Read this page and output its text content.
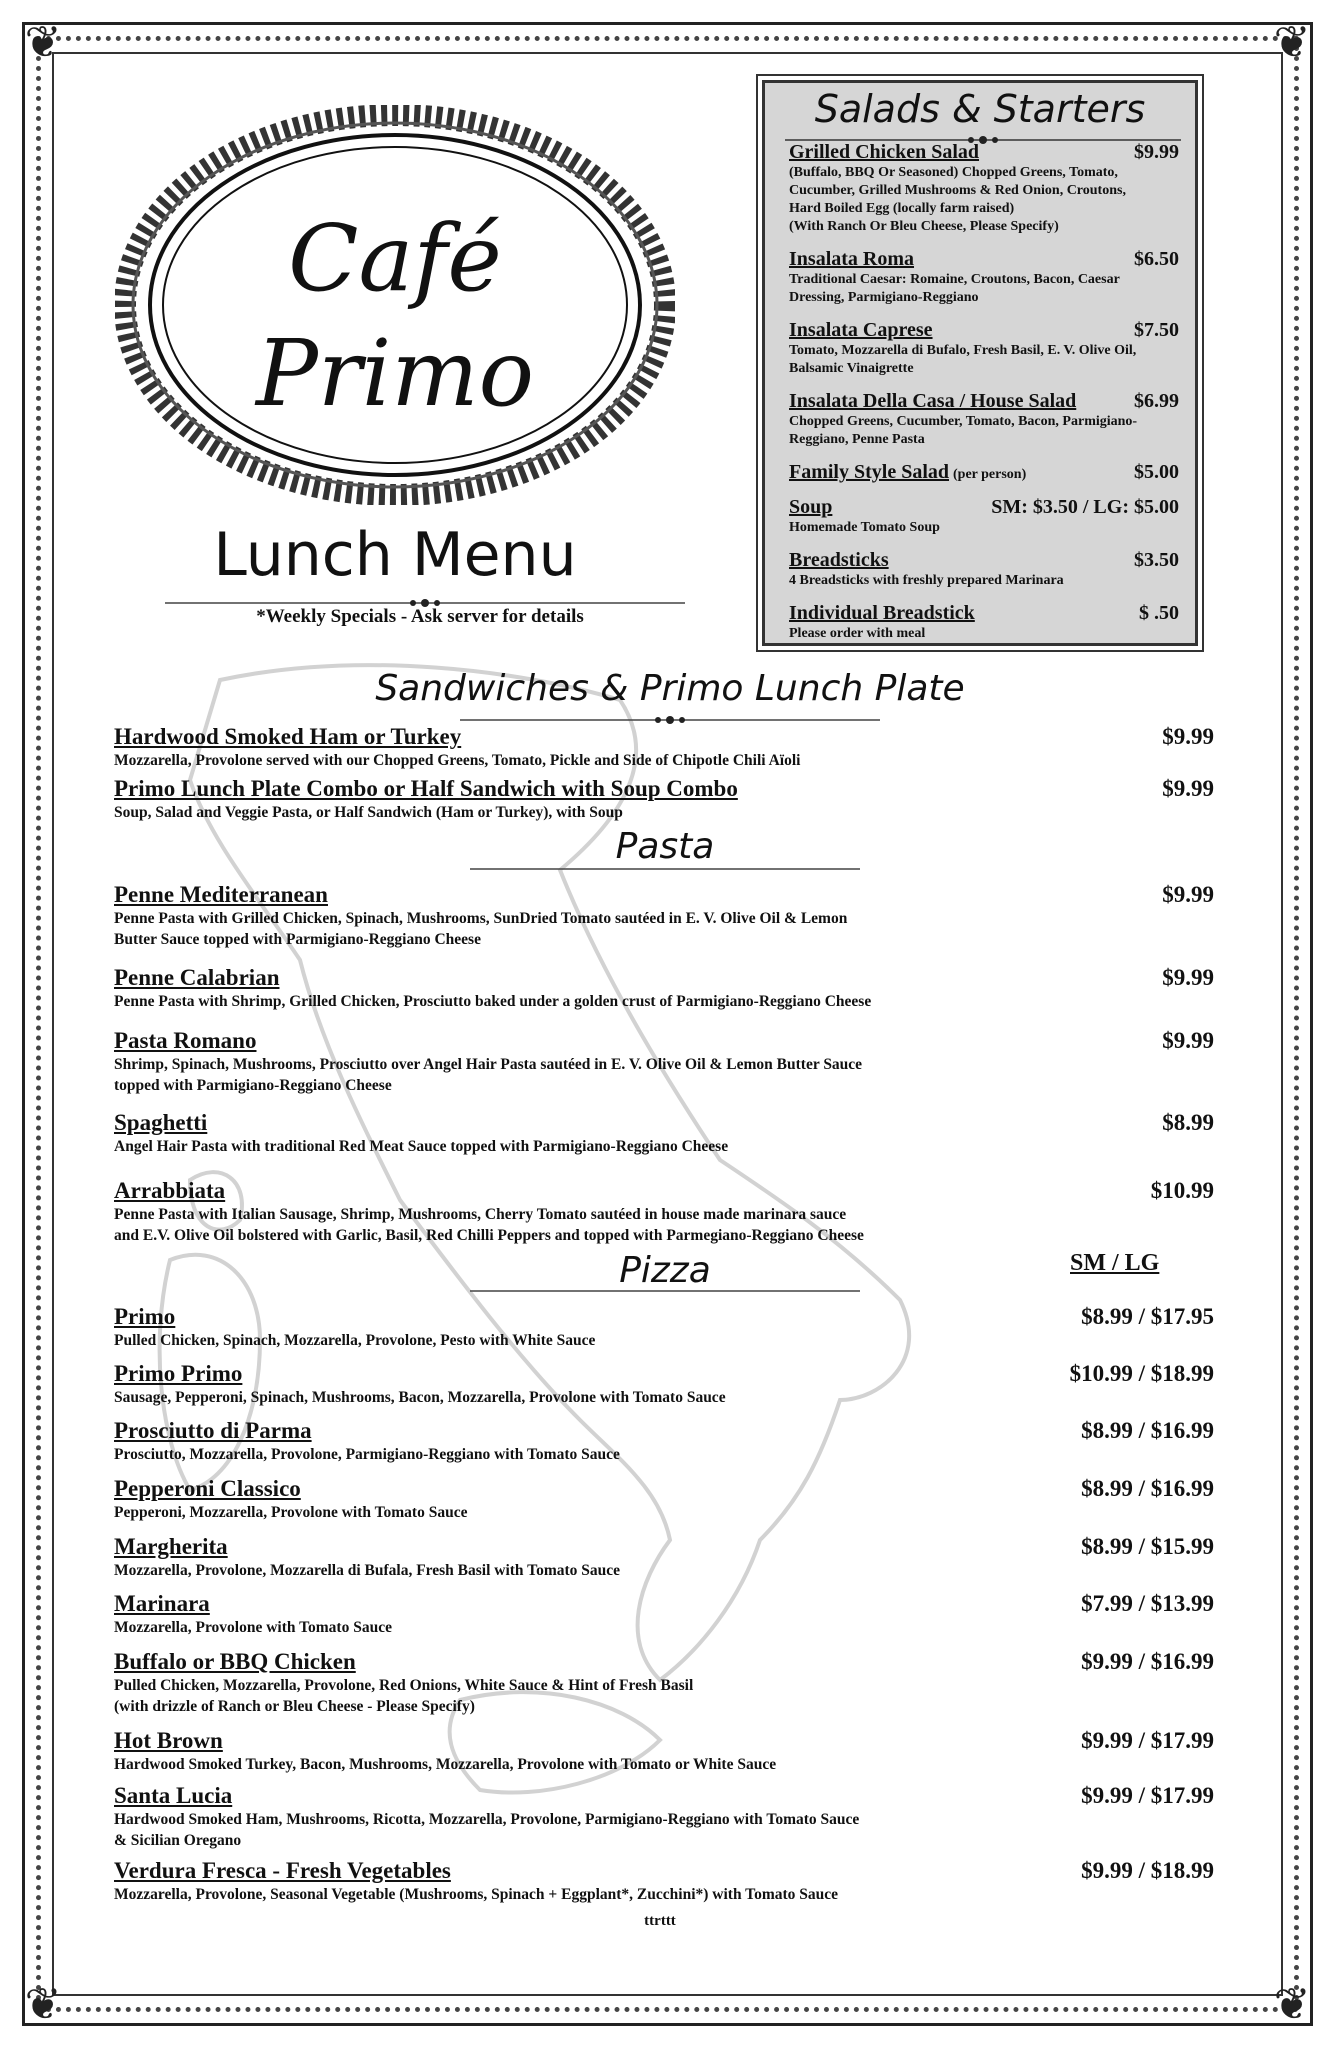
❦	❦
❦	❦
Café
Primo
Lunch Menu
*Weekly Specials - Ask server for details
Salads & Starters
Grilled Chicken Salad	$9.99
(Buffalo, BBQ Or Seasoned) Chopped Greens, Tomato,
Cucumber, Grilled Mushrooms & Red Onion, Croutons,
Hard Boiled Egg (locally farm raised)
(With Ranch Or Bleu Cheese, Please Specify)
Insalata Roma	$6.50
Traditional Caesar: Romaine, Croutons, Bacon, Caesar
Dressing, Parmigiano-Reggiano
Insalata Caprese	$7.50
Tomato, Mozzarella di Bufalo, Fresh Basil, E. V. Olive Oil,
Balsamic Vinaigrette
Insalata Della Casa / House Salad	$6.99
Chopped Greens, Cucumber, Tomato, Bacon, Parmigiano-
Reggiano, Penne Pasta
Family Style Salad (per person)	$5.00
Soup	SM: $3.50 / LG: $5.00
Homemade Tomato Soup
Breadsticks	$3.50
4 Breadsticks with freshly prepared Marinara
Individual Breadstick	$ .50
Please order with meal
Sandwiches & Primo Lunch Plate
Hardwood Smoked Ham or Turkey	$9.99
Mozzarella, Provolone served with our Chopped Greens, Tomato, Pickle and Side of Chipotle Chili Aïoli
Primo Lunch Plate Combo or Half Sandwich with Soup Combo	$9.99
Soup, Salad and Veggie Pasta, or Half Sandwich (Ham or Turkey), with Soup
Pasta
Penne Mediterranean	$9.99
Penne Pasta with Grilled Chicken, Spinach, Mushrooms, SunDried Tomato sautéed in E. V. Olive Oil & Lemon
Butter Sauce topped with Parmigiano-Reggiano Cheese
Penne Calabrian	$9.99
Penne Pasta with Shrimp, Grilled Chicken, Prosciutto baked under a golden crust of Parmigiano-Reggiano Cheese
Pasta Romano	$9.99
Shrimp, Spinach, Mushrooms, Prosciutto over Angel Hair Pasta sautéed in E. V. Olive Oil & Lemon Butter Sauce
topped with Parmigiano-Reggiano Cheese
Spaghetti	$8.99
Angel Hair Pasta with traditional Red Meat Sauce topped with Parmigiano-Reggiano Cheese
Arrabbiata	$10.99
Penne Pasta with Italian Sausage, Shrimp, Mushrooms, Cherry Tomato sautéed in house made marinara sauce
and E.V. Olive Oil bolstered with Garlic, Basil, Red Chilli Peppers and topped with Parmegiano-Reggiano Cheese
Pizza	SM / LG
Primo	$8.99 / $17.95
Pulled Chicken, Spinach, Mozzarella, Provolone, Pesto with White Sauce
Primo Primo	$10.99 / $18.99
Sausage, Pepperoni, Spinach, Mushrooms, Bacon, Mozzarella, Provolone with Tomato Sauce
Prosciutto di Parma	$8.99 / $16.99
Prosciutto, Mozzarella, Provolone, Parmigiano-Reggiano with Tomato Sauce
Pepperoni Classico	$8.99 / $16.99
Pepperoni, Mozzarella, Provolone with Tomato Sauce
Margherita	$8.99 / $15.99
Mozzarella, Provolone, Mozzarella di Bufala, Fresh Basil with Tomato Sauce
Marinara	$7.99 / $13.99
Mozzarella, Provolone with Tomato Sauce
Buffalo or BBQ Chicken	$9.99 / $16.99
Pulled Chicken, Mozzarella, Provolone, Red Onions, White Sauce & Hint of Fresh Basil
(with drizzle of Ranch or Bleu Cheese - Please Specify)
Hot Brown	$9.99 / $17.99
Hardwood Smoked Turkey, Bacon, Mushrooms, Mozzarella, Provolone with Tomato or White Sauce
Santa Lucia	$9.99 / $17.99
Hardwood Smoked Ham, Mushrooms, Ricotta, Mozzarella, Provolone, Parmigiano-Reggiano with Tomato Sauce
& Sicilian Oregano
Verdura Fresca - Fresh Vegetables	$9.99 / $18.99
Mozzarella, Provolone, Seasonal Vegetable (Mushrooms, Spinach + Eggplant*, Zucchini*) with Tomato Sauce
ttrttt
